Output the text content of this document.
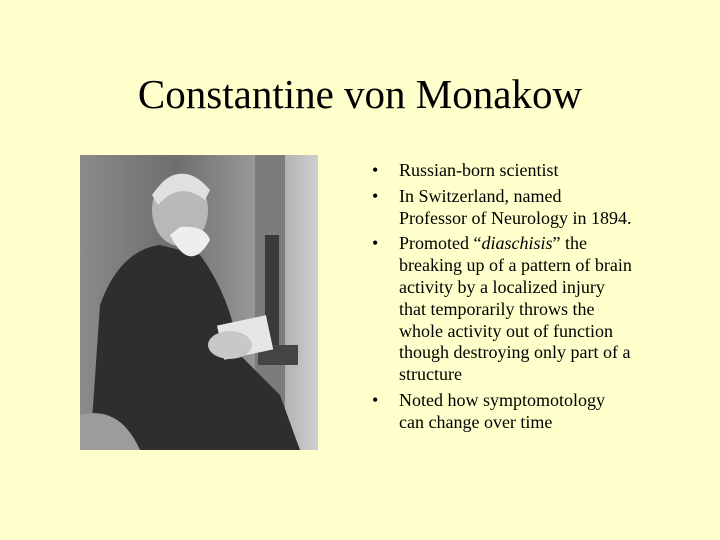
Constantine von Monakow
• Russian-born scientist
• In Switzerland, named
Professor of Neurology in 1894.
• Promoted “diaschisis” the
breaking up of a pattern of brain
activity by a localized injury
that temporarily throws the
whole activity out of function
though destroying only part of a
structure
• Noted how symptomotology
can change over time
